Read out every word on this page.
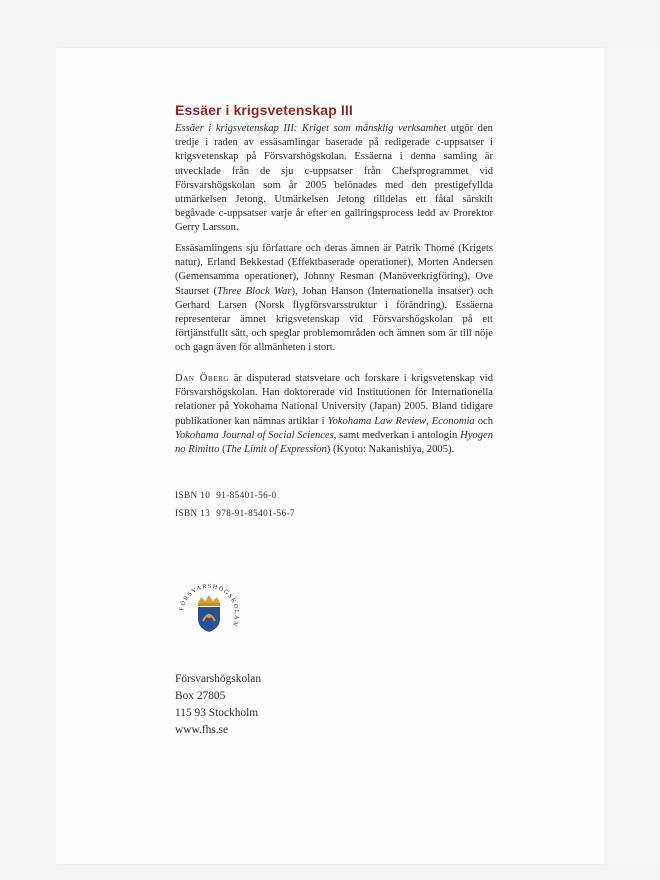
Essäer i krigsvetenskap III

Essäer i krigsvetenskap III: Kriget som mänsklig verksamhet utgör den tredje i raden av essäsamlingar baserade på redigerade c-uppsatser i krigsvetenskap på Försvarshögskolan. Essäerna i denna samling är utvecklade från de sju c-uppsatser från Chefsprogrammet vid Försvarshögskolan som år 2005 belönades med den prestigefyllda utmärkelsen Jetong. Utmärkelsen Jetong tilldelas ett fåtal särskilt begåvade c-uppsatser varje år efter en gallringsprocess ledd av Prorektor Gerry Larsson.

Essäsamlingens sju författare och deras ämnen är Patrik Thomé (Krigets natur), Erland Bekkestad (Effektbaserade operationer), Morten Andersen (Gemensamma operationer), Johnny Resman (Manöverkrigföring), Ove Staurset (Three Block War), Johan Hanson (Internationella insatser) och Gerhard Larsen (Norsk flygförsvarsstruktur i förändring). Essäerna representerar ämnet krigsvetenskap vid Försvarshögskolan på ett förtjänstfullt sätt, och speglar problemområden och ämnen som är till nöje och gagn även för allmänheten i stort.

Dan Öberg är disputerad statsvetare och forskare i krigsvetenskap vid Försvarshögskolan. Han doktorerade vid Institutionen för Internationella relationer på Yokohama National University (Japan) 2005. Bland tidigare publikationer kan nämnas artiklar i Yokohama Law Review, Economia och Yokohama Journal of Social Sciences, samt medverkan i antologin Hyogen no Rimitto (The Limit of Expression) (Kyoto: Nakanishiya, 2005).

ISBN 10 91-85401-56-0
ISBN 13 978-91-85401-56-7
FÖRSVARSHÖGSKOLAN
Försvarshögskolan
Box 27805
115 93 Stockholm
www.fhs.se
